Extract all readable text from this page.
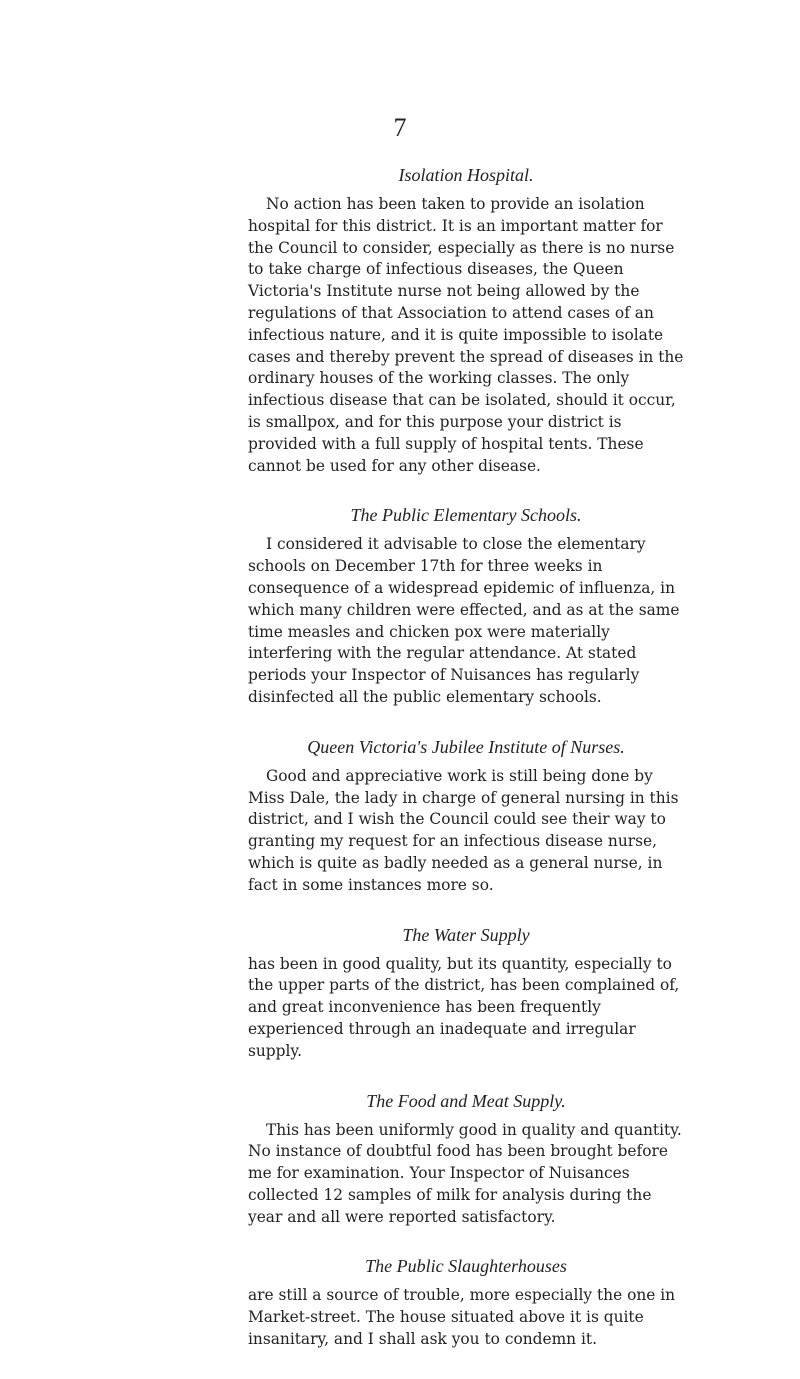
7
Isolation Hospital.

No action has been taken to provide an isolation hospital for this district. It is an important matter for the Council to consider, especially as there is no nurse to take charge of infectious diseases, the Queen Victoria's Institute nurse not being allowed by the regulations of that Association to attend cases of an infectious nature, and it is quite impossible to isolate cases and thereby prevent the spread of diseases in the ordinary houses of the working classes. The only infectious disease that can be isolated, should it occur, is smallpox, and for this purpose your district is provided with a full supply of hospital tents. These cannot be used for any other disease.

The Public Elementary Schools.

I considered it advisable to close the elementary schools on December 17th for three weeks in consequence of a widespread epidemic of influenza, in which many children were effected, and as at the same time measles and chicken pox were materially interfering with the regular attendance. At stated periods your Inspector of Nuisances has regularly disinfected all the public elementary schools.

Queen Victoria's Jubilee Institute of Nurses.

Good and appreciative work is still being done by Miss Dale, the lady in charge of general nursing in this district, and I wish the Council could see their way to granting my request for an infectious disease nurse, which is quite as badly needed as a general nurse, in fact in some instances more so.

The Water Supply

has been in good quality, but its quantity, especially to the upper parts of the district, has been complained of, and great inconvenience has been frequently experienced through an inadequate and irregular supply.

The Food and Meat Supply.

This has been uniformly good in quality and quantity. No instance of doubtful food has been brought before me for examination. Your Inspector of Nuisances collected 12 samples of milk for analysis during the year and all were reported satisfactory.

The Public Slaughterhouses

are still a source of trouble, more especially the one in Market-street. The house situated above it is quite insanitary, and I shall ask you to condemn it.
